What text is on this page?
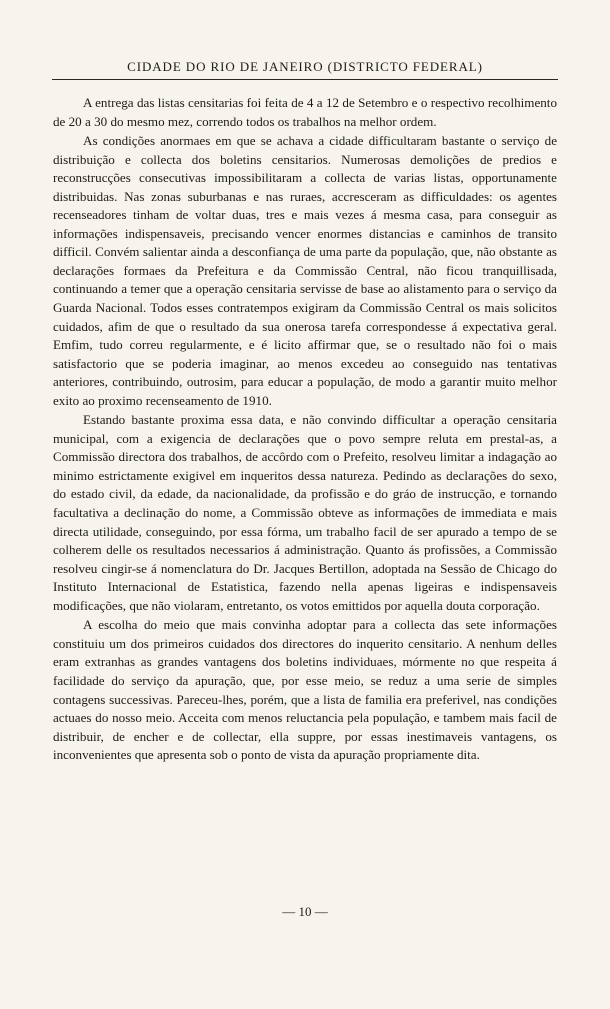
CIDADE DO RIO DE JANEIRO (DISTRICTO FEDERAL)

A entrega das listas censitarias foi feita de 4 a 12 de Setembro e o respectivo recolhimento de 20 a 30 do mesmo mez, correndo todos os trabalhos na melhor ordem.

As condições anormaes em que se achava a cidade difficultaram bastante o serviço de distribuição e collecta dos boletins censitarios. Numerosas demolições de predios e reconstrucções consecutivas impossibilitaram a collecta de varias listas, opportunamente distribuidas. Nas zonas suburbanas e nas ruraes, accresceram as difficuldades: os agentes recenseadores tinham de voltar duas, tres e mais vezes á mesma casa, para conseguir as informações indispensaveis, precisando vencer enormes distancias e caminhos de transito difficil. Convém salientar ainda a desconfiança de uma parte da população, que, não obstante as declarações formaes da Prefeitura e da Commissão Central, não ficou tranquillisada, continuando a temer que a operação censitaria servisse de base ao alistamento para o serviço da Guarda Nacional. Todos esses contratempos exigiram da Commissão Central os mais solicitos cuidados, afim de que o resultado da sua onerosa tarefa correspondesse á expectativa geral. Emfim, tudo correu regularmente, e é licito affirmar que, se o resultado não foi o mais satisfactorio que se poderia imaginar, ao menos excedeu ao conseguido nas tentativas anteriores, contribuindo, outrosim, para educar a população, de modo a garantir muito melhor exito ao proximo recenseamento de 1910.

Estando bastante proxima essa data, e não convindo difficultar a operação censitaria municipal, com a exigencia de declarações que o povo sempre reluta em prestal-as, a Commissão directora dos trabalhos, de accôrdo com o Prefeito, resolveu limitar a indagação ao minimo estrictamente exigivel em inqueritos dessa natureza. Pedindo as declarações do sexo, do estado civil, da edade, da nacionalidade, da profissão e do gráo de instrucção, e tornando facultativa a declinação do nome, a Commissão obteve as informações de immediata e mais directa utilidade, conseguindo, por essa fórma, um trabalho facil de ser apurado a tempo de se colherem delle os resultados necessarios á administração. Quanto ás profissões, a Commissão resolveu cingir-se á nomenclatura do Dr. Jacques Bertillon, adoptada na Sessão de Chicago do Instituto Internacional de Estatistica, fazendo nella apenas ligeiras e indispensaveis modificações, que não violaram, entretanto, os votos emittidos por aquella douta corporação.

A escolha do meio que mais convinha adoptar para a collecta das sete informações constituiu um dos primeiros cuidados dos directores do inquerito censitario. A nenhum delles eram extranhas as grandes vantagens dos boletins individuaes, mórmente no que respeita á facilidade do serviço da apuração, que, por esse meio, se reduz a uma serie de simples contagens successivas. Pareceu-lhes, porém, que a lista de familia era preferivel, nas condições actuaes do nosso meio. Acceita com menos reluctancia pela população, e tambem mais facil de distribuir, de encher e de collectar, ella suppre, por essas inestimaveis vantagens, os inconvenientes que apresenta sob o ponto de vista da apuração propriamente dita.

— 10 —
